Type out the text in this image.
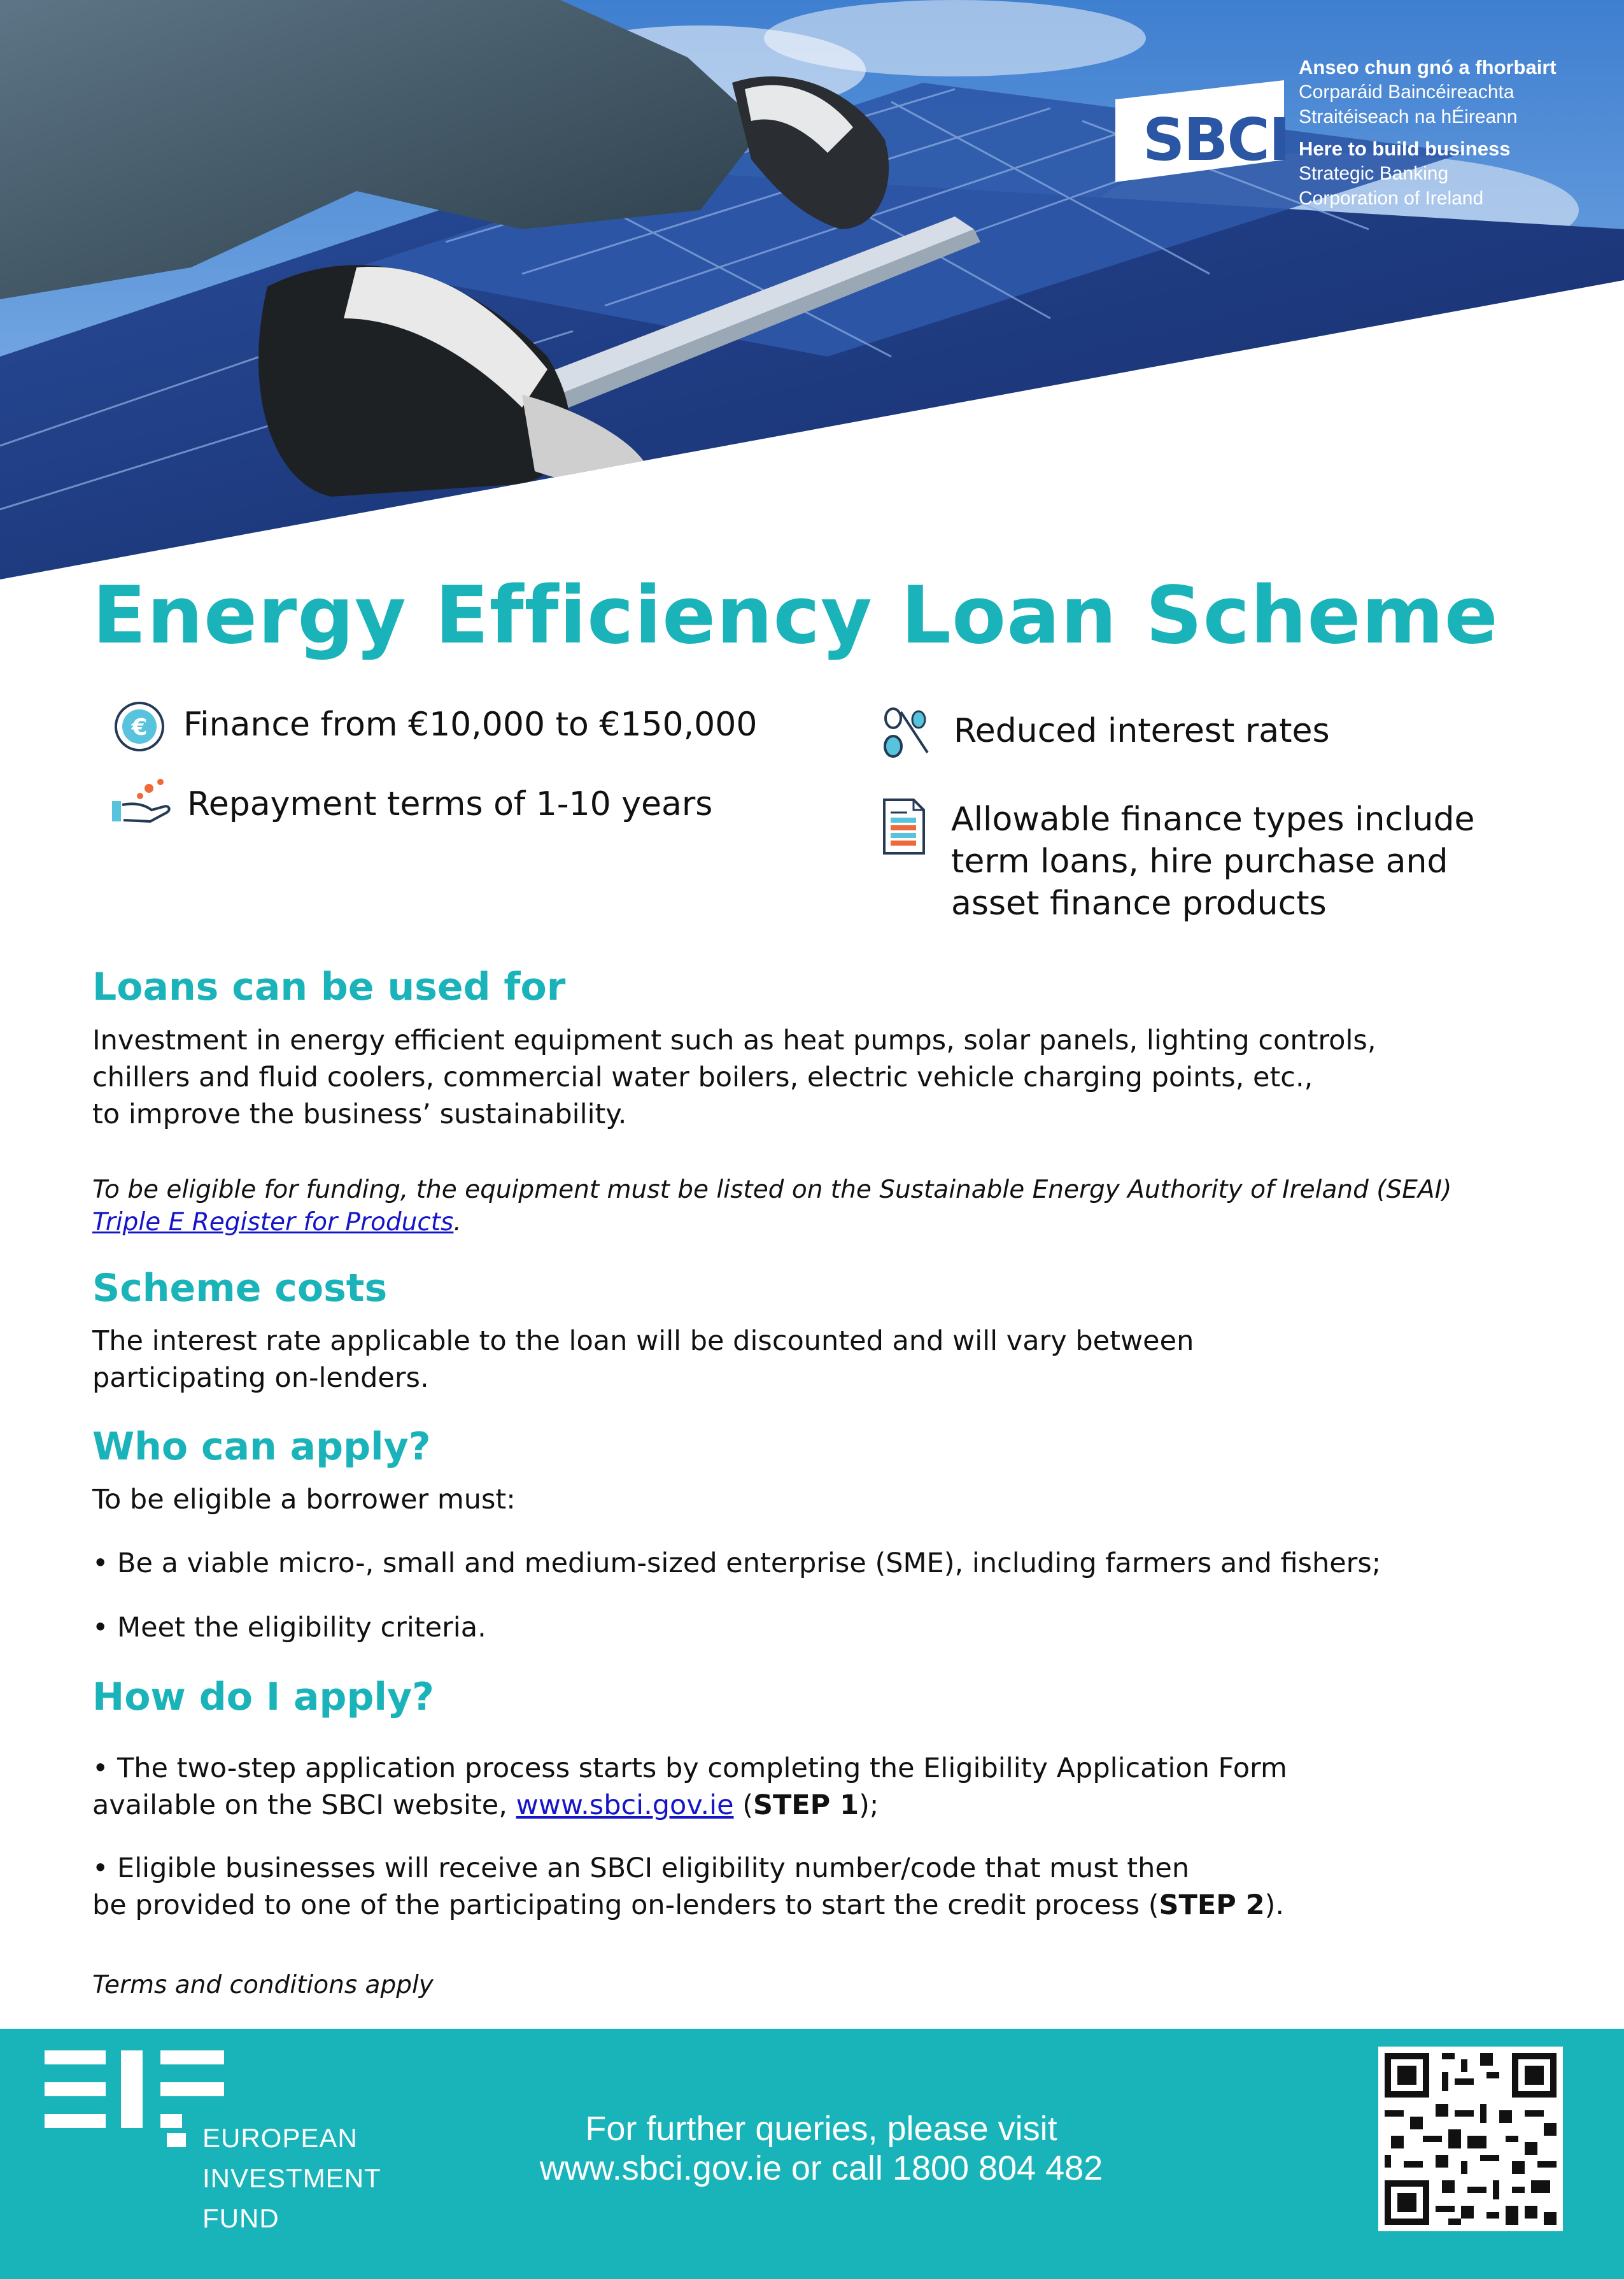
SBCI
Anseo chun gnó a fhorbairt
Corparáid Baincéireachta
Straitéiseach na hÉireann
Here to build business
Strategic Banking
Corporation of Ireland
Energy Efficiency Loan Scheme
€ Finance from €10,000 to €150,000
Repayment terms of 1-10 years
Reduced interest rates
Allowable finance types include
term loans, hire purchase and
asset finance products
Loans can be used for
Investment in energy efficient equipment such as heat pumps, solar panels, lighting controls,
chillers and fluid coolers, commercial water boilers, electric vehicle charging points, etc.,
to improve the business’ sustainability.
To be eligible for funding, the equipment must be listed on the Sustainable Energy Authority of Ireland (SEAI)
Triple E Register for Products.
Scheme costs
The interest rate applicable to the loan will be discounted and will vary between
participating on-lenders.
Who can apply?
To be eligible a borrower must:
• Be a viable micro-, small and medium-sized enterprise (SME), including farmers and fishers;
• Meet the eligibility criteria.
How do I apply?
• The two-step application process starts by completing the Eligibility Application Form
available on the SBCI website, www.sbci.gov.ie (STEP 1);
• Eligible businesses will receive an SBCI eligibility number/code that must then
be provided to one of the participating on-lenders to start the credit process (STEP 2).
Terms and conditions apply
EUROPEAN
INVESTMENT
FUND
For further queries, please visit
www.sbci.gov.ie or call 1800 804 482
